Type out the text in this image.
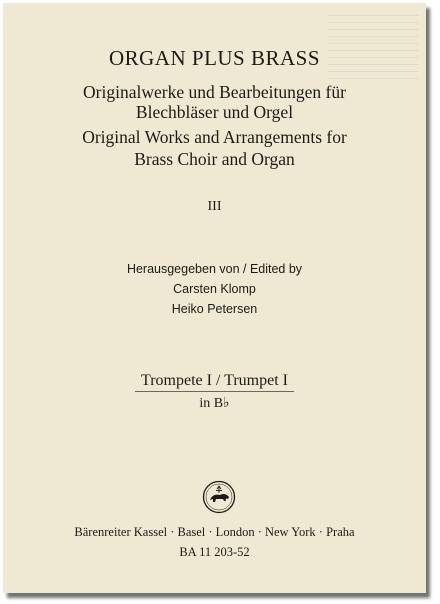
ORGAN PLUS BRASS
Originalwerke und Bearbeitungen für
Blechbläser und Orgel
Original Works and Arrangements for
Brass Choir and Organ
III
Herausgegeben von / Edited by
Carsten Klomp
Heiko Petersen
Trompete I / Trumpet I
in B♭
Bärenreiter Kassel · Basel · London · New York · Praha
BA 11 203-52
